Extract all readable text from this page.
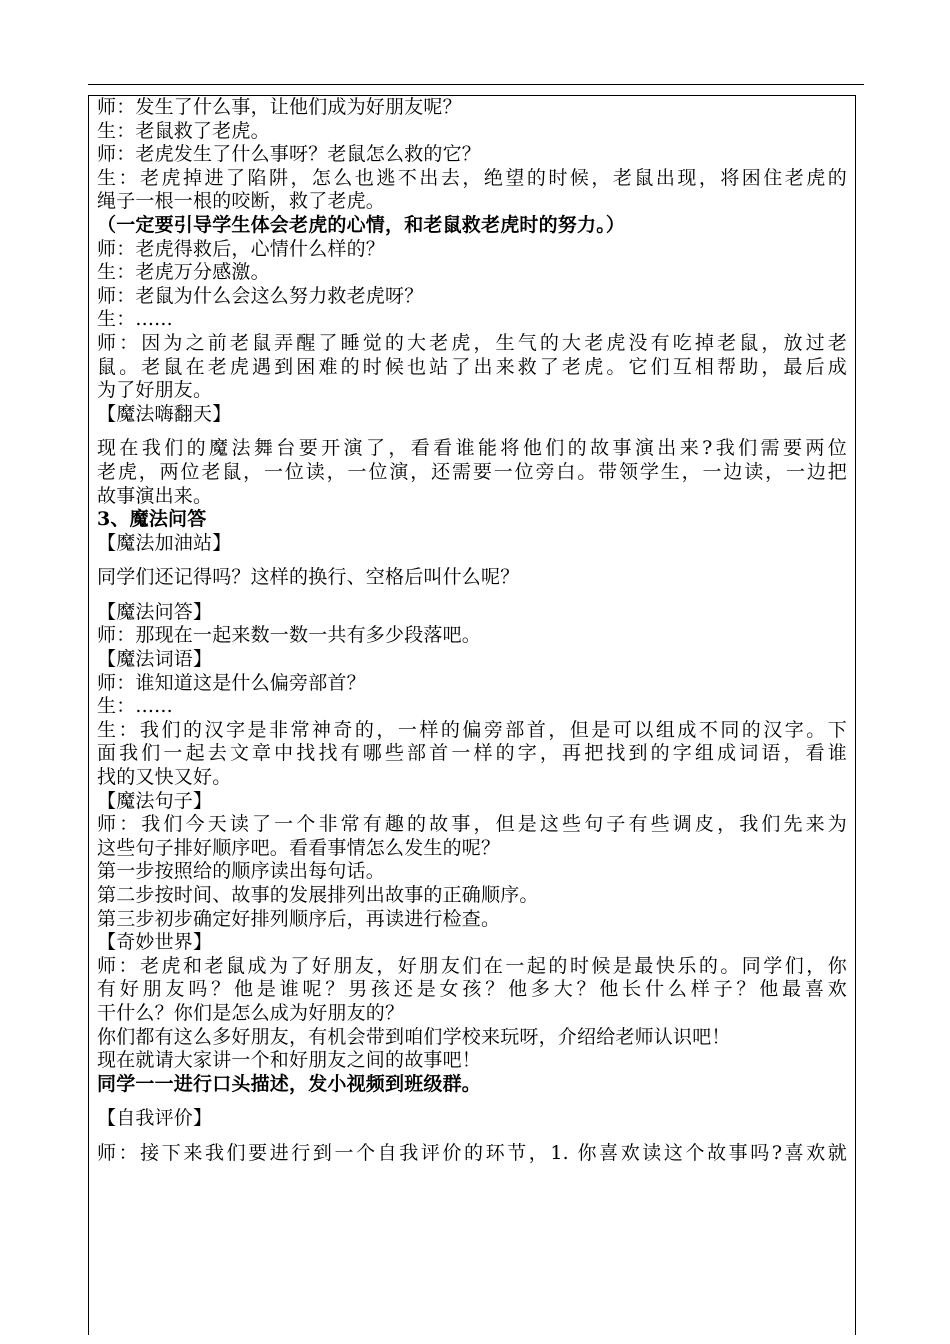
师：发生了什么事，让他们成为好朋友呢？
生：老鼠救了老虎。
师：老虎发生了什么事呀？老鼠怎么救的它？
生：老虎掉进了陷阱，怎么也逃不出去，绝望的时候，老鼠出现，将困住老虎的
绳子一根一根的咬断，救了老虎。
（一定要引导学生体会老虎的心情，和老鼠救老虎时的努力。）
师：老虎得救后，心情什么样的？
生：老虎万分感激。
师：老鼠为什么会这么努力救老虎呀？
生：......
师：因为之前老鼠弄醒了睡觉的大老虎，生气的大老虎没有吃掉老鼠，放过老
鼠。老鼠在老虎遇到困难的时候也站了出来救了老虎。它们互相帮助，最后成
为了好朋友。
【魔法嗨翻天】
现在我们的魔法舞台要开演了，看看谁能将他们的故事演出来?我们需要两位
老虎，两位老鼠，一位读，一位演，还需要一位旁白。带领学生，一边读，一边把
故事演出来。
3、魔法问答
【魔法加油站】
同学们还记得吗？这样的换行、空格后叫什么呢？
【魔法问答】
师：那现在一起来数一数一共有多少段落吧。
【魔法词语】
师：谁知道这是什么偏旁部首？
生：......
生：我们的汉字是非常神奇的，一样的偏旁部首，但是可以组成不同的汉字。下
面我们一起去文章中找找有哪些部首一样的字，再把找到的字组成词语，看谁
找的又快又好。
【魔法句子】
师：我们今天读了一个非常有趣的故事，但是这些句子有些调皮，我们先来为
这些句子排好顺序吧。看看事情怎么发生的呢？
第一步按照给的顺序读出每句话。
第二步按时间、故事的发展排列出故事的正确顺序。
第三步初步确定好排列顺序后，再读进行检查。
【奇妙世界】
师：老虎和老鼠成为了好朋友，好朋友们在一起的时候是最快乐的。同学们，你
有好朋友吗？他是谁呢？男孩还是女孩？他多大？他长什么样子？他最喜欢
干什么？你们是怎么成为好朋友的？
你们都有这么多好朋友，有机会带到咱们学校来玩呀，介绍给老师认识吧！
现在就请大家讲一个和好朋友之间的故事吧！
同学一一进行口头描述，发小视频到班级群。
【自我评价】
师：接下来我们要进行到一个自我评价的环节，1. 你喜欢读这个故事吗?喜欢就
